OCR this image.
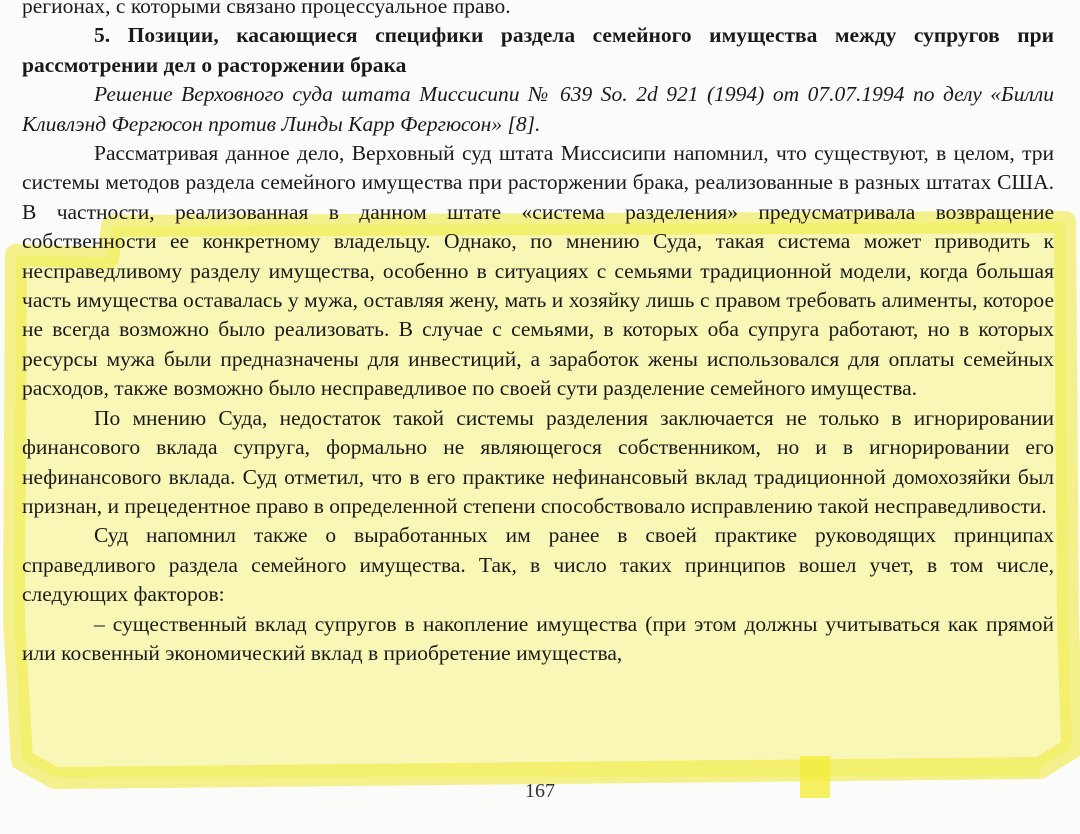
регионах, с которыми связано процессуальное право.

5. Позиции, касающиеся специфики раздела семейного имущества между супругов при рассмотрении дел о расторжении брака

Решение Верховного суда штата Миссисипи № 639 So. 2d 921 (1994) от 07.07.1994 по делу «Билли Кливлэнд Фергюсон против Линды Карр Фергюсон» [8].

Рассматривая данное дело, Верховный суд штата Миссисипи напомнил, что существуют, в целом, три системы методов раздела семейного имущества при расторжении брака, реализованные в разных штатах США. В частности, реализованная в данном штате «система разделения» предусматривала возвращение собственности ее конкретному владельцу. Однако, по мнению Суда, такая система может приводить к несправедливому разделу имущества, особенно в ситуациях с семьями традиционной модели, когда большая часть имущества оставалась у мужа, оставляя жену, мать и хозяйку лишь с правом требовать алименты, которое не всегда возможно было реализовать. В случае с семьями, в которых оба супруга работают, но в которых ресурсы мужа были предназначены для инвестиций, а заработок жены использовался для оплаты семейных расходов, также возможно было несправедливое по своей сути разделение семейного имущества.

По мнению Суда, недостаток такой системы разделения заключается не только в игнорировании финансового вклада супруга, формально не являющегося собственником, но и в игнорировании его нефинансового вклада. Суд отметил, что в его практике нефинансовый вклад традиционной домохозяйки был признан, и прецедентное право в определенной степени способствовало исправлению такой несправедливости.

Суд напомнил также о выработанных им ранее в своей практике руководящих принципах справедливого раздела семейного имущества. Так, в число таких принципов вошел учет, в том числе, следующих факторов:

– существенный вклад супругов в накопление имущества (при этом должны учитываться как прямой или косвенный экономический вклад в приобретение имущества,

167
